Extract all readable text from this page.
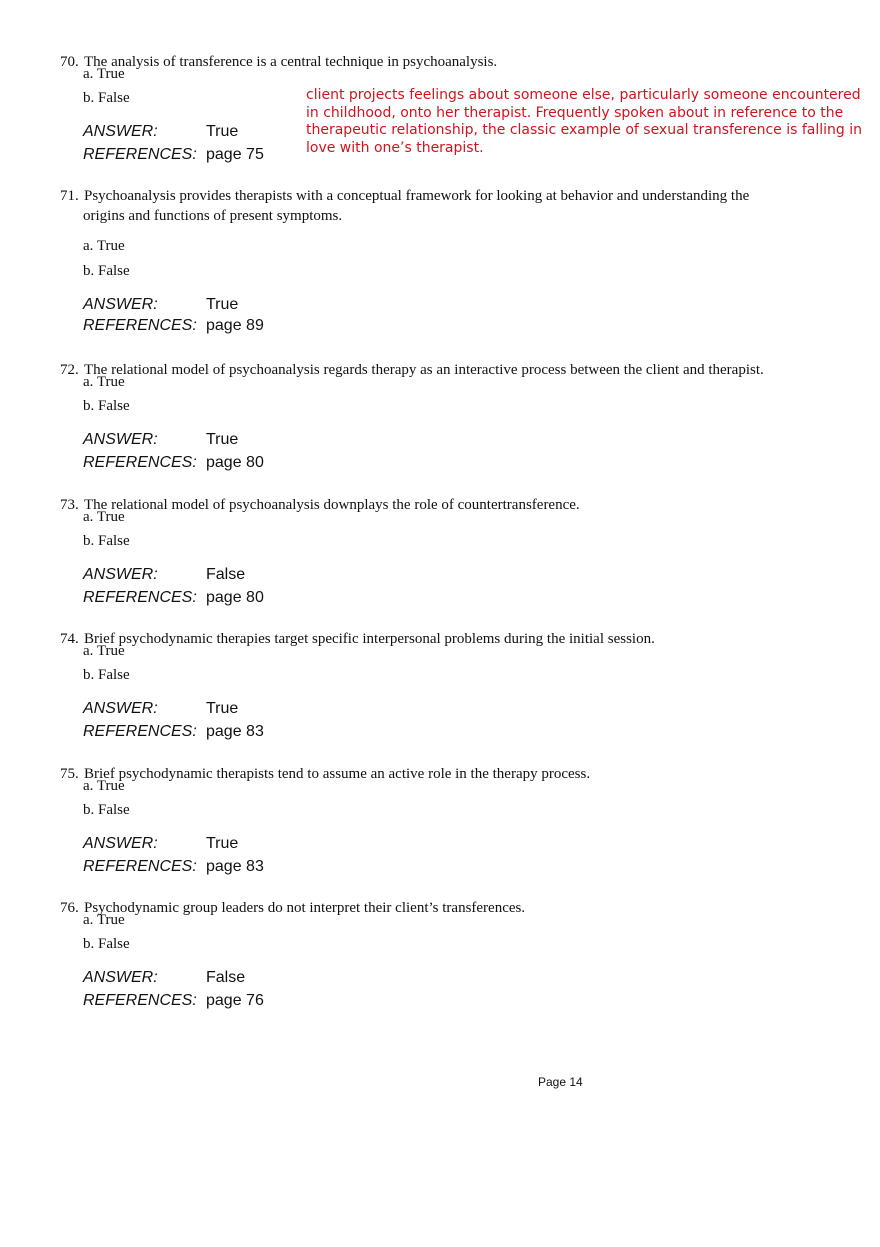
70. The analysis of transference is a central technique in psychoanalysis.
a. True
b. False
ANSWER:	True
REFERENCES: page 75
71. Psychoanalysis provides therapists with a conceptual framework for looking at behavior and understanding the
origins and functions of present symptoms.
a. True
b. False
ANSWER:	True
REFERENCES: page 89
72. The relational model of psychoanalysis regards therapy as an interactive process between the client and therapist.
a. True
b. False
ANSWER:	True
REFERENCES: page 80
73. The relational model of psychoanalysis downplays the role of countertransference.
a. True
b. False
ANSWER:	False
REFERENCES: page 80
74. Brief psychodynamic therapies target specific interpersonal problems during the initial session.
a. True
b. False
ANSWER:	True
REFERENCES: page 83
75. Brief psychodynamic therapists tend to assume an active role in the therapy process.
a. True
b. False
ANSWER:	True
REFERENCES: page 83
76. Psychodynamic group leaders do not interpret their client’s transferences.
a. True
b. False
ANSWER:	False
REFERENCES: page 76
client projects feelings about someone else, particularly someone encountered in childhood, onto her therapist. Frequently spoken about in reference to the therapeutic relationship, the classic example of sexual transference is falling in love with one’s therapist.
Page 14
